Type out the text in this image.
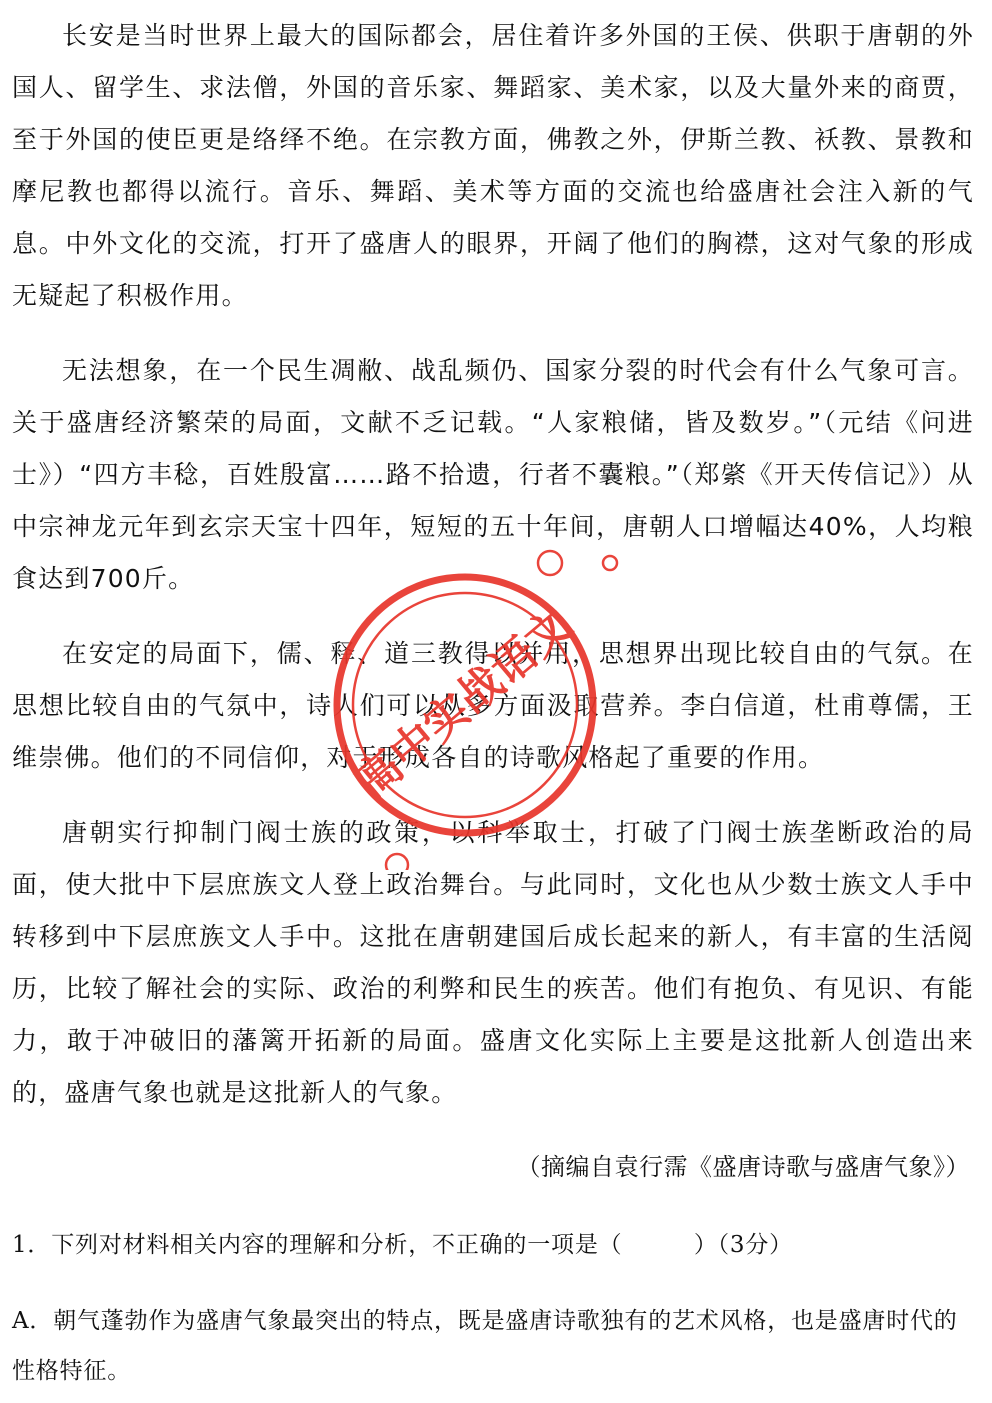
长安是当时世界上最大的国际都会，居住着许多外国的王侯、供职于唐朝的外国人、留学生、求法僧，外国的音乐家、舞蹈家、美术家，以及大量外来的商贾，至于外国的使臣更是络绎不绝。在宗教方面，佛教之外，伊斯兰教、袄教、景教和摩尼教也都得以流行。音乐、舞蹈、美术等方面的交流也给盛唐社会注入新的气息。中外文化的交流，打开了盛唐人的眼界，开阔了他们的胸襟，这对气象的形成无疑起了积极作用。

无法想象，在一个民生凋敝、战乱频仍、国家分裂的时代会有什么气象可言。关于盛唐经济繁荣的局面，文献不乏记载。“人家粮储，皆及数岁。”（元结《问进士》）“四方丰稔，百姓殷富……路不拾遗，行者不囊粮。”（郑綮《开天传信记》）从中宗神龙元年到玄宗天宝十四年，短短的五十年间，唐朝人口增幅达40%，人均粮食达到700斤。

在安定的局面下，儒、释、道三教得以并用，思想界出现比较自由的气氛。在思想比较自由的气氛中，诗人们可以从多方面汲取营养。李白信道，杜甫尊儒，王维崇佛。他们的不同信仰，对于形成各自的诗歌风格起了重要的作用。

唐朝实行抑制门阀士族的政策，以科举取士，打破了门阀士族垄断政治的局面，使大批中下层庶族文人登上政治舞台。与此同时，文化也从少数士族文人手中转移到中下层庶族文人手中。这批在唐朝建国后成长起来的新人，有丰富的生活阅历，比较了解社会的实际、政治的利弊和民生的疾苦。他们有抱负、有见识、有能力，敢于冲破旧的藩篱开拓新的局面。盛唐文化实际上主要是这批新人创造出来的，盛唐气象也就是这批新人的气象。

（摘编自袁行霈《盛唐诗歌与盛唐气象》）
1．下列对材料相关内容的理解和分析，不正确的一项是（　　　）（3分）
A．朝气蓬勃作为盛唐气象最突出的特点，既是盛唐诗歌独有的艺术风格，也是盛唐时代的性格特征。
高中实战语文
